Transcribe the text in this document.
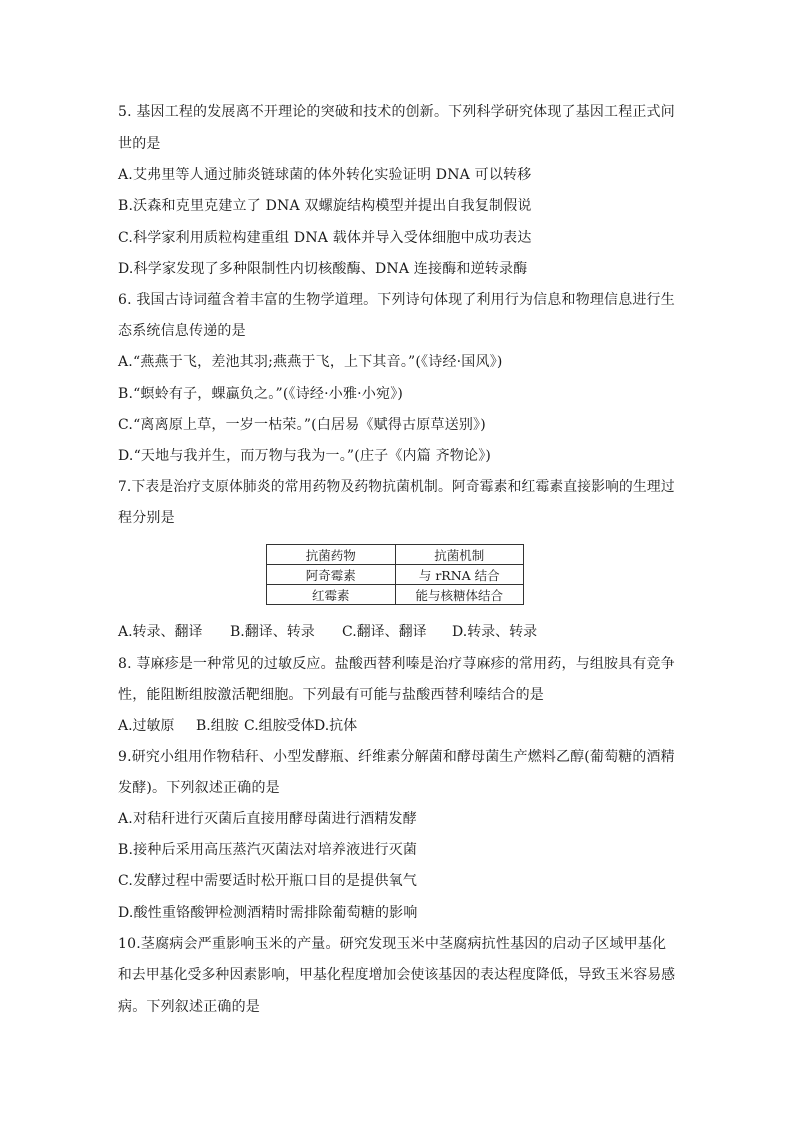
5. 基因工程的发展离不开理论的突破和技术的创新。下列科学研究体现了基因工程正式问
世的是
A.艾弗里等人通过肺炎链球菌的体外转化实验证明 DNA 可以转移
B.沃森和克里克建立了 DNA 双螺旋结构模型并提出自我复制假说
C.科学家利用质粒构建重组 DNA 载体并导入受体细胞中成功表达
D.科学家发现了多种限制性内切核酸酶、DNA 连接酶和逆转录酶
6. 我国古诗词蕴含着丰富的生物学道理。下列诗句体现了利用行为信息和物理信息进行生
态系统信息传递的是
A.“燕燕于飞，差池其羽;燕燕于飞，上下其音。”(《诗经·国风》)
B.“螟蛉有子，蜾蠃负之。”(《诗经·小雅·小宛》)
C.“离离原上草，一岁一枯荣。”(白居易《赋得古原草送别》)
D.“天地与我并生，而万物与我为一。”(庄子《内篇 齐物论》)
7.下表是治疗支原体肺炎的常用药物及药物抗菌机制。阿奇霉素和红霉素直接影响的生理过
程分别是
抗菌药物	抗菌机制
阿奇霉素	与 rRNA 结合
红霉素	能与核糖体结合
A.转录、翻译 B.翻译、转录 C.翻译、翻译 D.转录、转录
8. 荨麻疹是一种常见的过敏反应。盐酸西替利嗪是治疗荨麻疹的常用药，与组胺具有竞争
性，能阻断组胺激活靶细胞。下列最有可能与盐酸西替利嗪结合的是
A.过敏原 B.组胺 C.组胺受体 D.抗体
9.研究小组用作物秸秆、小型发酵瓶、纤维素分解菌和酵母菌生产燃料乙醇(葡萄糖的酒精
发酵)。下列叙述正确的是
A.对秸秆进行灭菌后直接用酵母菌进行酒精发酵
B.接种后采用高压蒸汽灭菌法对培养液进行灭菌
C.发酵过程中需要适时松开瓶口目的是提供氧气
D.酸性重铬酸钾检测酒精时需排除葡萄糖的影响
10.茎腐病会严重影响玉米的产量。研究发现玉米中茎腐病抗性基因的启动子区域甲基化
和去甲基化受多种因素影响，甲基化程度增加会使该基因的表达程度降低，导致玉米容易感
病。下列叙述正确的是
